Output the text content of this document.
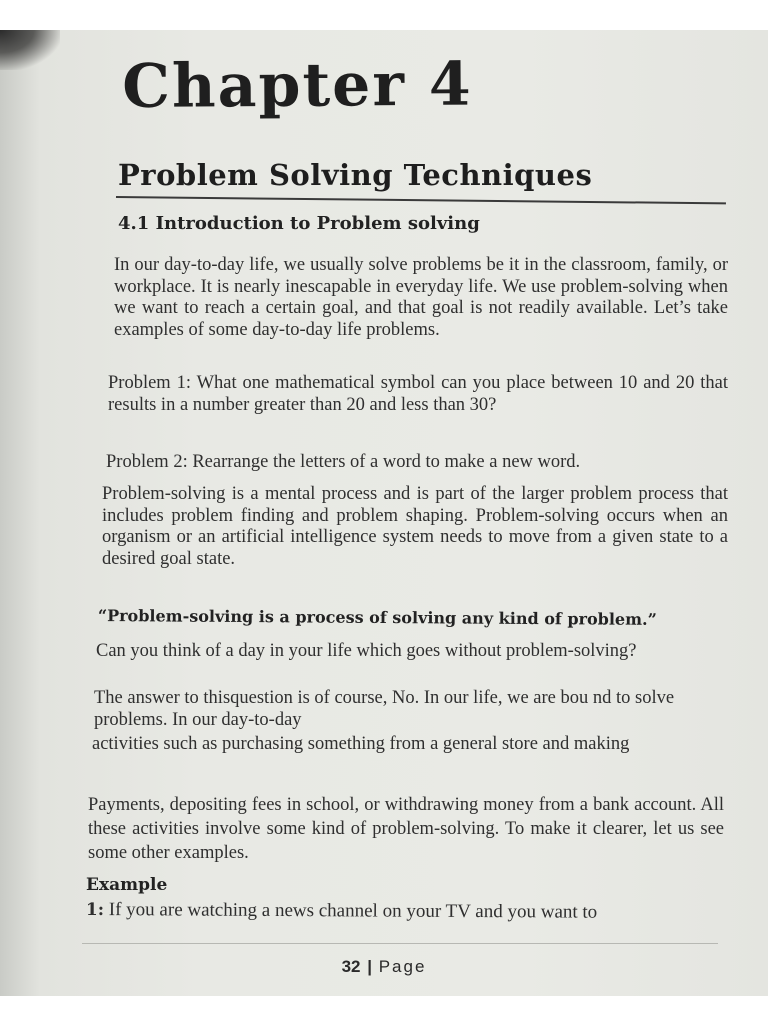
Chapter 4
Problem Solving Techniques
4.1 Introduction to Problem solving
In our day-to-day life, we usually solve problems be it in the classroom, family, or workplace. It is nearly inescapable in everyday life. We use problem-solving when we want to reach a certain goal, and that goal is not readily available. Let’s take examples of some day-to-day life problems.
Problem 1: What one mathematical symbol can you place between 10 and 20 that results in a number greater than 20 and less than 30?
Problem 2: Rearrange the letters of a word to make a new word.
Problem-solving is a mental process and is part of the larger problem process that includes problem finding and problem shaping. Problem-solving occurs when an organism or an artificial intelligence system needs to move from a given state to a desired goal state.
“Problem-solving is a process of solving any kind of problem.”
Can you think of a day in your life which goes without problem-solving?
The answer to thisquestion is of course, No. In our life, we are bou nd to solve problems. In our day-to-day
activities such as purchasing something from a general store and making
Payments, depositing fees in school, or withdrawing money from a bank account. All these activities involve some kind of problem-solving. To make it clearer, let us see some other examples.
Example
1: If you are watching a news channel on your TV and you want to
32 | Page
